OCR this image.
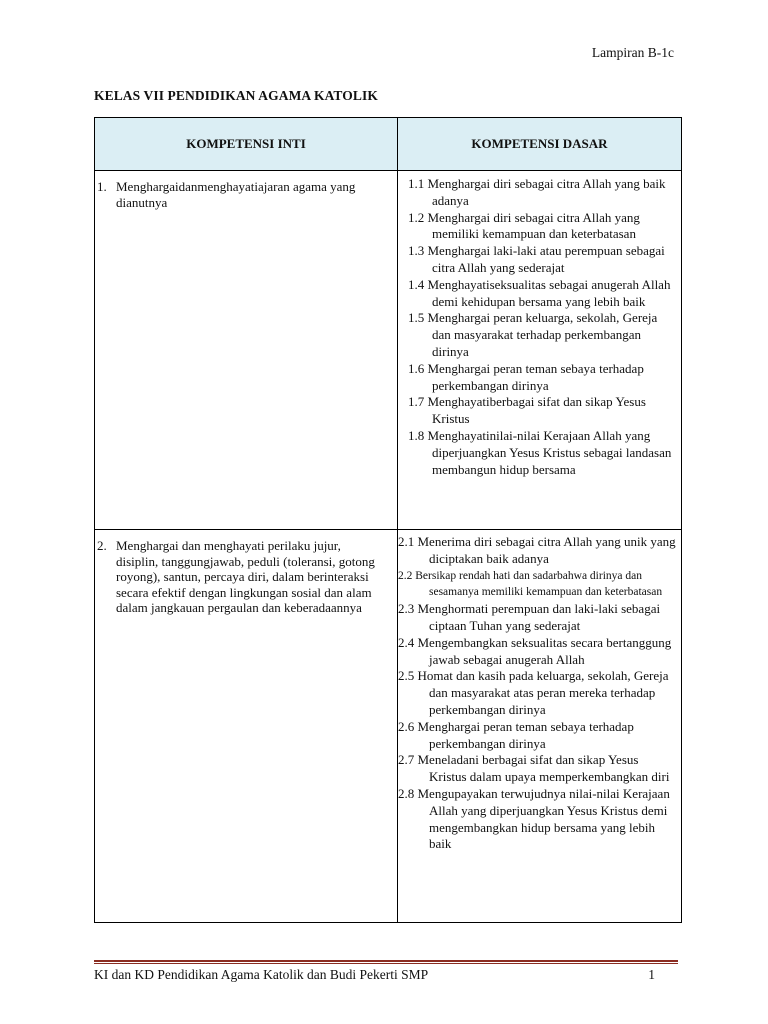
Lampiran B-1c
KELAS VII PENDIDIKAN AGAMA KATOLIK
KOMPETENSI INTI	KOMPETENSI DASAR
1. Menghargaidanmenghayatiajaran agama yang dianutnya
1.1 Menghargai diri sebagai citra Allah yang baik adanya
1.2 Menghargai diri sebagai citra Allah yang memiliki kemampuan dan keterbatasan
1.3 Menghargai laki-laki atau perempuan sebagai citra Allah yang sederajat
1.4 Menghayatiseksualitas sebagai anugerah Allah demi kehidupan bersama yang lebih baik
1.5 Menghargai peran keluarga, sekolah, Gereja dan masyarakat terhadap perkembangan dirinya
1.6 Menghargai peran teman sebaya terhadap perkembangan dirinya
1.7 Menghayatiberbagai sifat dan sikap Yesus Kristus
1.8 Menghayatinilai-nilai Kerajaan Allah yang diperjuangkan Yesus Kristus sebagai landasan membangun hidup bersama
2. Menghargai dan menghayati perilaku jujur, disiplin, tanggungjawab, peduli (toleransi, gotong royong), santun, percaya diri, dalam berinteraksi secara efektif dengan lingkungan sosial dan alam dalam jangkauan pergaulan dan keberadaannya
2.1 Menerima diri sebagai citra Allah yang unik yang diciptakan baik adanya
2.2 Bersikap rendah hati dan sadarbahwa dirinya dan sesamanya memiliki kemampuan dan keterbatasan
2.3 Menghormati perempuan dan laki-laki sebagai ciptaan Tuhan yang sederajat
2.4 Mengembangkan seksualitas secara bertanggung jawab sebagai anugerah Allah
2.5 Homat dan kasih pada keluarga, sekolah, Gereja dan masyarakat atas peran mereka terhadap perkembangan dirinya
2.6 Menghargai peran teman sebaya terhadap perkembangan dirinya
2.7 Meneladani berbagai sifat dan sikap Yesus Kristus dalam upaya memperkembangkan diri
2.8 Mengupayakan terwujudnya nilai-nilai Kerajaan Allah yang diperjuangkan Yesus Kristus demi mengembangkan hidup bersama yang lebih baik
KI dan KD Pendidikan Agama Katolik dan Budi Pekerti SMP	1
